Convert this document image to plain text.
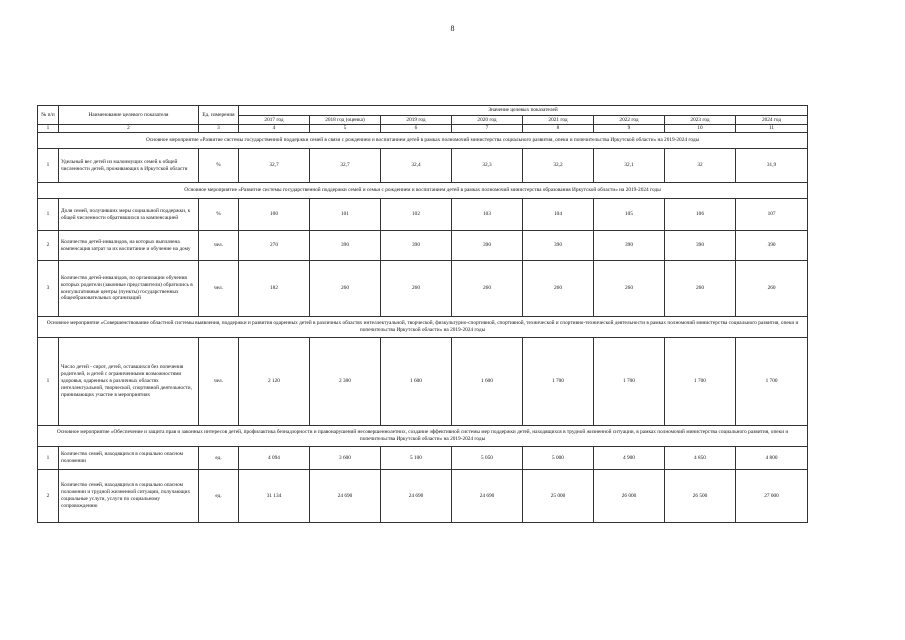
8
№ п/п	Наименование целевого показателя	Ед. измерения	Значение целевых показателей							
			2017 год	2018 год (оценка)	2019 год	2020 год	2021 год	2022 год	2023 год	2024 год
1	2	3	4	5	6	7	8	9	10	11
Основное мероприятие «Развитие системы государственной поддержки семей в связи с рождением и воспитанием детей в рамках полномочий министерства социального развития, опеки и попечительства Иркутской области» на 2019-2024 годы										
1	Удельный вес детей из малоимущих семей к общей численности детей, проживающих в Иркутской области	%	32,7	32,7	32,4	32,3	32,2	32,1	32	31,9
Основное мероприятие «Развитие системы государственной поддержки семей и семьи с рождением и воспитанием детей в рамках полномочий министерства образования Иркутской области» на 2019-2024 годы										
1	Доля семей, получивших меры социальной поддержки, к общей численности обратившихся за компенсацией	%	100	101	102	103	104	105	106	107
2	Количество детей-инвалидов, на которых выплачена компенсация затрат за их воспитание и обучение на дому	чел.	270	390	390	390	390	390	390	390
3	Количество детей-инвалидов, по организации обучения которых родители (законные представители) обратились в консультативные центры (пункты) государственных общеобразовательных организаций	чел.	182	260	260	260	260	260	260	260
Основное мероприятие «Совершенствование областной системы выявления, поддержки и развития одаренных детей в различных областях интеллектуальной, творческой, физкультурно-спортивной, спортивной, технической и спортивно-технической деятельности в рамках полномочий министерства социального развития, опеки и попечительства Иркутской области» на 2019-2024 годы										
1	Число детей - сирот, детей, оставшихся без попечения родителей, и детей с ограниченными возможностями здоровья, одаренных в различных областях интеллектуальной, творческой, спортивной деятельности, принимающих участие в мероприятиях	чел.	2 120	2 300	1 600	1 600	1 700	1 700	1 700	1 700
Основное мероприятие «Обеспечение и защита прав и законных интересов детей, профилактика безнадзорности и правонарушений несовершеннолетних, создание эффективной системы мер поддержки детей, находящихся в трудной жизненной ситуации, в рамках полномочий министерства социального развития, опеки и попечительства Иркутской области» на 2019-2024 годы										
1	Количество семей, находящихся в социально опасном положении	ед.	4 094	3 600	5 100	5 050	5 000	4 900	4 850	4 800
2	Количество семей, находящихся в социально опасном положении и трудной жизненной ситуации, получающих социальные услуги, услуги по социальному сопровождению	ед.	31 134	24 690	24 690	24 690	25 000	26 000	26 500	27 000
